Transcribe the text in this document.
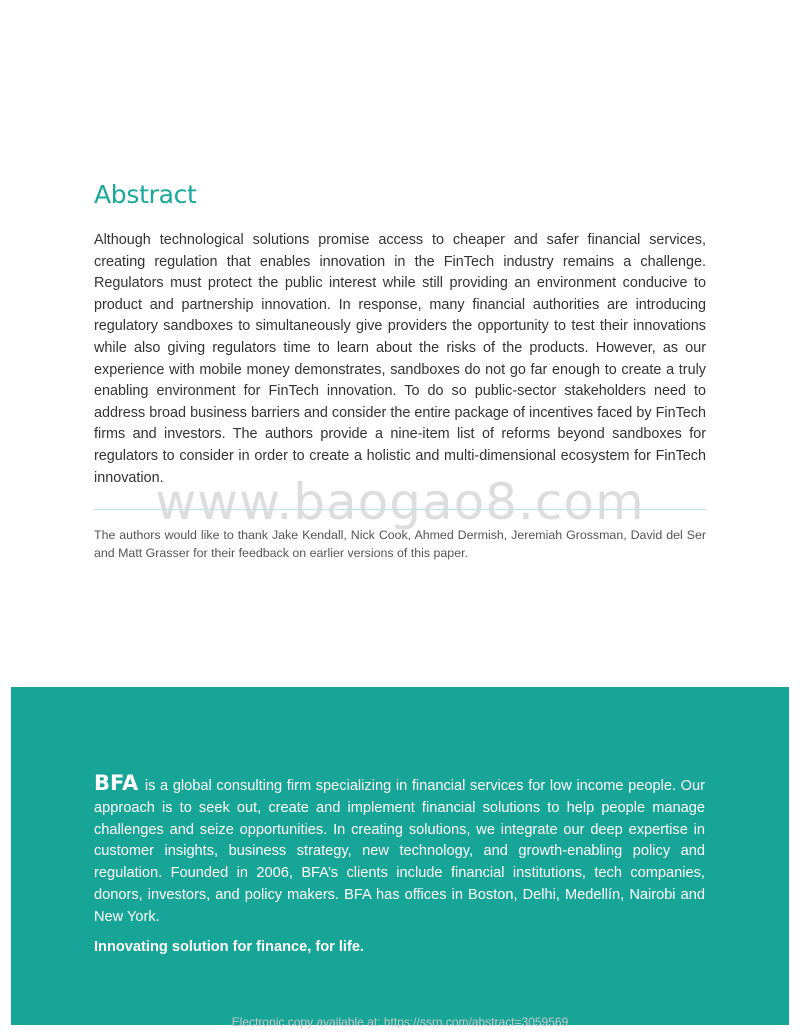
Abstract

Although technological solutions promise access to cheaper and safer financial services, creating regulation that enables innovation in the FinTech industry remains a challenge. Regulators must protect the public interest while still providing an environment conducive to product and partnership innovation. In response, many financial authorities are introducing regulatory sandboxes to simultaneously give providers the opportunity to test their innovations while also giving regulators time to learn about the risks of the products. However, as our experience with mobile money demonstrates, sandboxes do not go far enough to create a truly enabling environment for FinTech innovation. To do so public-sector stakeholders need to address broad business barriers and consider the entire package of incentives faced by FinTech firms and investors. The authors provide a nine-item list of reforms beyond sandboxes for regulators to consider in order to create a holistic and multi-dimensional ecosystem for FinTech innovation.

www.baogao8.com

The authors would like to thank Jake Kendall, Nick Cook, Ahmed Dermish, Jeremiah Grossman, David del Ser and Matt Grasser for their feedback on earlier versions of this paper.

BFA is a global consulting firm specializing in financial services for low income people. Our approach is to seek out, create and implement financial solutions to help people manage challenges and seize opportunities. In creating solutions, we integrate our deep expertise in customer insights, business strategy, new technology, and growth-enabling policy and regulation. Founded in 2006, BFA’s clients include financial institutions, tech companies, donors, investors, and policy makers. BFA has offices in Boston, Delhi, Medellín, Nairobi and New York.

Innovating solution for finance, for life.

Electronic copy available at: https://ssrn.com/abstract=3059569
